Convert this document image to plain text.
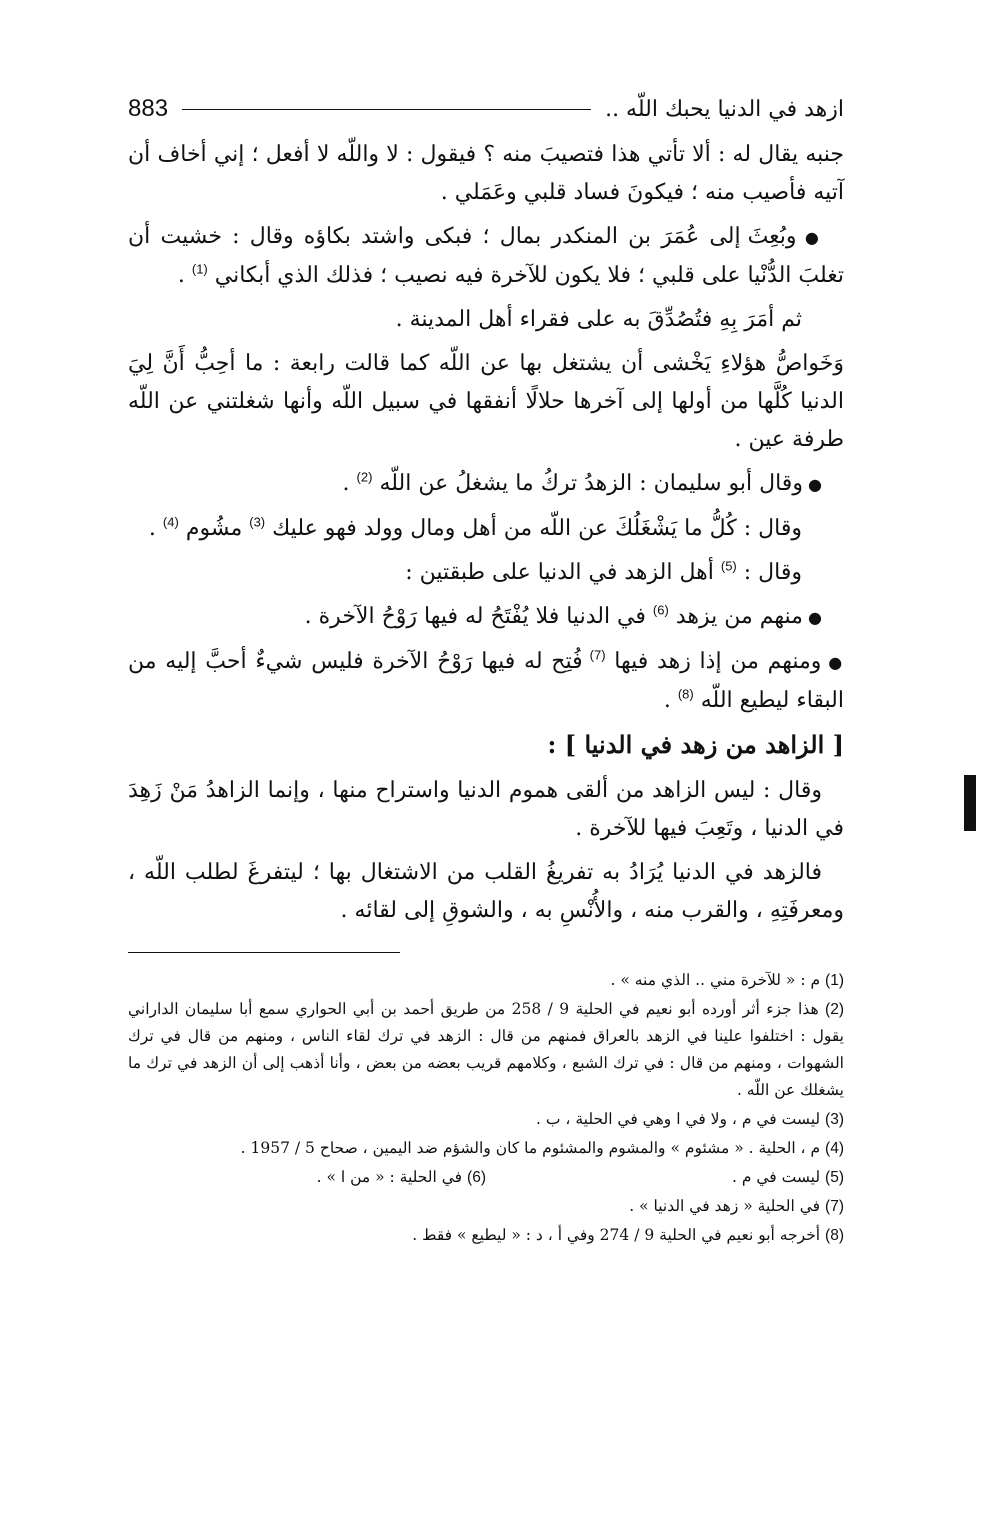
ازهد في الدنيا يحبك اللّه ..
883

جنبه يقال له : ألا تأتي هذا فتصيبَ منه ؟ فيقول : لا واللّه لا أفعل ؛ إني أخاف أن آتيه فأصيب منه ؛ فيكونَ فساد قلبي وعَمَلي .

● وبُعِثَ إلى عُمَرَ بن المنكدر بمال ؛ فبكى واشتد بكاؤه وقال : خشيت أن تغلبَ الدُّنْيا على قلبي ؛ فلا يكون للآخرة فيه نصيب ؛ فذلك الذي أبكاني $^{(1)}$ .

ثم أمَرَ بِهِ فتُصُدِّقَ به على فقراء أهل المدينة .

وَخَواصُّ هؤلاءِ يَخْشى أن يشتغل بها عن اللّه كما قالت رابعة : ما أحِبُّ أَنَّ لِيَ الدنيا كُلَّها من أولها إلى آخرها حلالًا أنفقها في سبيل اللّه وأنها شغلتني عن اللّه طرفة عين .

● وقال أبو سليمان : الزهدُ تركُ ما يشغلُ عن اللّه $^{(2)}$ .

وقال : كُلُّ ما يَشْغَلُكَ عن اللّه من أهل ومال وولد فهو عليك $^{(3)}$ مشُوم $^{(4)}$ .

وقال : $^{(5)}$ أهل الزهد في الدنيا على طبقتين :

● منهم من يزهد $^{(6)}$ في الدنيا فلا يُفْتَحُ له فيها رَوْحُ الآخرة .

● ومنهم من إذا زهد فيها $^{(7)}$ فُتِح له فيها رَوْحُ الآخرة فليس شيءٌ أحبَّ إليه من البقاء ليطيع اللّه $^{(8)}$ .

[ الزاهد من زهد في الدنيا ] :

وقال : ليس الزاهد من ألقى هموم الدنيا واستراح منها ، وإنما الزاهدُ مَنْ زَهِدَ في الدنيا ، وتَعِبَ فيها للآخرة .

فالزهد في الدنيا يُرَادُ به تفريغُ القلب من الاشتغال بها ؛ ليتفرغَ لطلب اللّه ، ومعرفَتِهِ ، والقرب منه ، والأُنْسِ به ، والشوقِ إلى لقائه .

(1) م : « للآخرة مني .. الذي منه » .

(2) هذا جزء أثر أورده أبو نعيم في الحلية 9 / 258 من طريق أحمد بن أبي الحواري سمع أبا سليمان الداراني يقول : اختلفوا علينا في الزهد بالعراق فمنهم من قال : الزهد في ترك لقاء الناس ، ومنهم من قال في ترك الشهوات ، ومنهم من قال : في ترك الشبع ، وكلامهم قريب بعضه من بعض ، وأنا أذهب إلى أن الزهد في ترك ما يشغلك عن اللّه .

(3) ليست في م ، ولا في ا وهي في الحلية ، ب .

(4) م ، الحلية . « مشئوم » والمشوم والمشئوم ما كان والشؤم ضد اليمين ، صحاح 5 / 1957 .

(5) ليست في م .

(6) في الحلية : « من ا » .

(7) في الحلية « زهد في الدنيا » .

(8) أخرجه أبو نعيم في الحلية 9 / 274 وفي أ ، د : « ليطيع » فقط .
